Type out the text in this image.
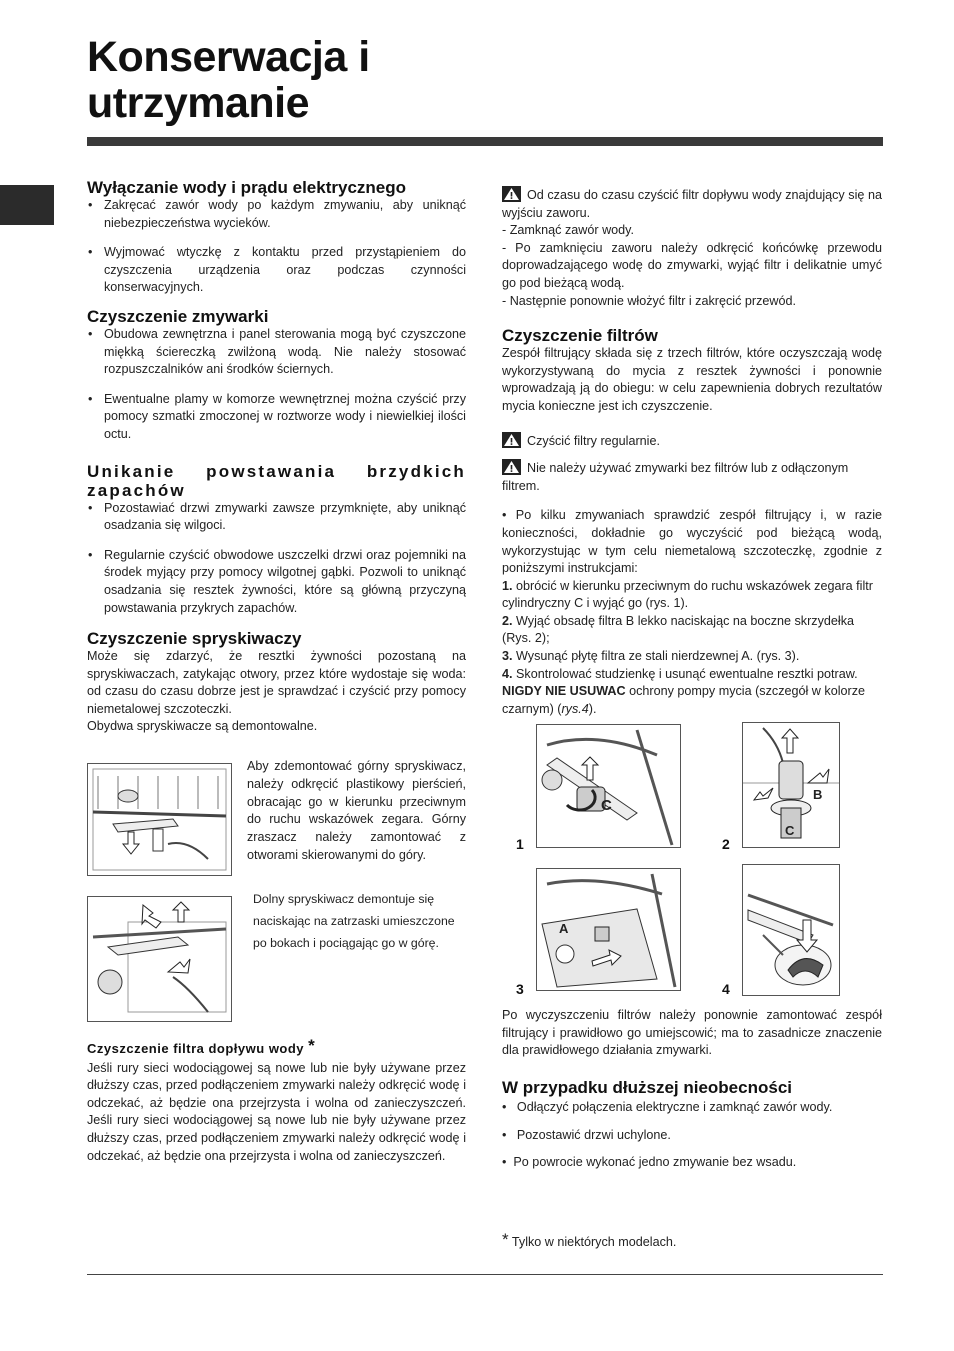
Konserwacja i
utrzymanie
Wyłączanie wody i prądu elektrycznego
• Zakręcać zawór wody po każdym zmywaniu, aby uniknąć niebezpieczeństwa wycieków.
• Wyjmować wtyczkę z kontaktu przed przystąpieniem do czyszczenia urządzenia oraz podczas czynności konserwacyjnych.
Czyszczenie zmywarki
• Obudowa zewnętrzna i panel sterowania mogą być czyszczone miękką ściereczką zwilżoną wodą. Nie należy stosować rozpuszczalników ani środków ściernych.
• Ewentualne plamy w komorze wewnętrznej można czyścić przy pomocy szmatki zmoczonej w roztworze wody i niewielkiej ilości octu.
Unikanie powstawania brzydkich zapachów
• Pozostawiać drzwi zmywarki zawsze przymknięte, aby uniknąć osadzania się wilgoci.
• Regularnie czyścić obwodowe uszczelki drzwi oraz pojemniki na środek myjący przy pomocy wilgotnej gąbki. Pozwoli to uniknąć osadzania się resztek żywności, które są główną przyczyną powstawania przykrych zapachów.
Czyszczenie spryskiwaczy
Może się zdarzyć, że resztki żywności pozostaną na spryskiwaczach, zatykając otwory, przez które wydostaje się woda: od czasu do czasu dobrze jest je sprawdzać i czyścić przy pomocy niemetalowej szczoteczki.
Obydwa spryskiwacze są demontowalne.
Aby zdemontować górny spryskiwacz, należy odkręcić plastikowy pierścień, obracając go w kierunku przeciwnym do ruchu wskazówek zegara. Górny zraszacz należy zamontować z otworami skierowanymi do góry.
Dolny spryskiwacz demontuje się naciskając na zatrzaski umieszczone po bokach i pociągając go w górę.
Czyszczenie filtra dopływu wody *
Jeśli rury sieci wodociągowej są nowe lub nie były używane przez dłuższy czas, przed podłączeniem zmywarki należy odkręcić wodę i odczekać, aż będzie ona przejrzysta i wolna od zanieczyszczeń. Jeśli rury sieci wodociągowej są nowe lub nie były używane przez dłuższy czas, przed podłączeniem zmywarki należy odkręcić wodę i odczekać, aż będzie ona przejrzysta i wolna od zanieczyszczeń.
Od czasu do czasu czyścić filtr dopływu wody znajdujący się na wyjściu zaworu.
- Zamknąć zawór wody.
- Po zamknięciu zaworu należy odkręcić końcówkę przewodu doprowadzającego wodę do zmywarki, wyjąć filtr i delikatnie umyć go pod bieżącą wodą.
- Następnie ponownie włożyć filtr i zakręcić przewód.
Czyszczenie filtrów
Zespół filtrujący składa się z trzech filtrów, które oczyszczają wodę wykorzystywaną do mycia z resztek żywności i ponownie wprowadzają ją do obiegu: w celu zapewnienia dobrych rezultatów mycia konieczne jest ich czyszczenie.
Czyścić filtry regularnie.
Nie należy używać zmywarki bez filtrów lub z odłączonym filtrem.
• Po kilku zmywaniach sprawdzić zespół filtrujący i, w razie konieczności, dokładnie go wyczyścić pod bieżącą wodą, wykorzystując w tym celu niemetalową szczoteczkę, zgodnie z poniższymi instrukcjami:
1. obrócić w kierunku przeciwnym do ruchu wskazówek zegara filtr cylindryczny C i wyjąć go (rys. 1).
2. Wyjąć obsadę filtra B lekko naciskając na boczne skrzydełka (Rys. 2);
3. Wysunąć płytę filtra ze stali nierdzewnej A. (rys. 3).
4. Skontrolować studzienkę i usunąć ewentualne resztki potraw.
NIGDY NIE USUWAC ochrony pompy mycia (szczegół w kolorze czarnym) (rys.4).
C
1
B
C
2
A
3	4
Po wyczyszczeniu filtrów należy ponownie zamontować zespół filtrujący i prawidłowo go umiejscowić; ma to zasadnicze znaczenie dla prawidłowego działania zmywarki.
W przypadku dłuższej nieobecności
•   Odłączyć połączenia elektryczne i zamknąć zawór wody.
•   Pozostawić drzwi uchylone.
•  Po powrocie wykonać jedno zmywanie bez wsadu.
* Tylko w niektórych modelach.
